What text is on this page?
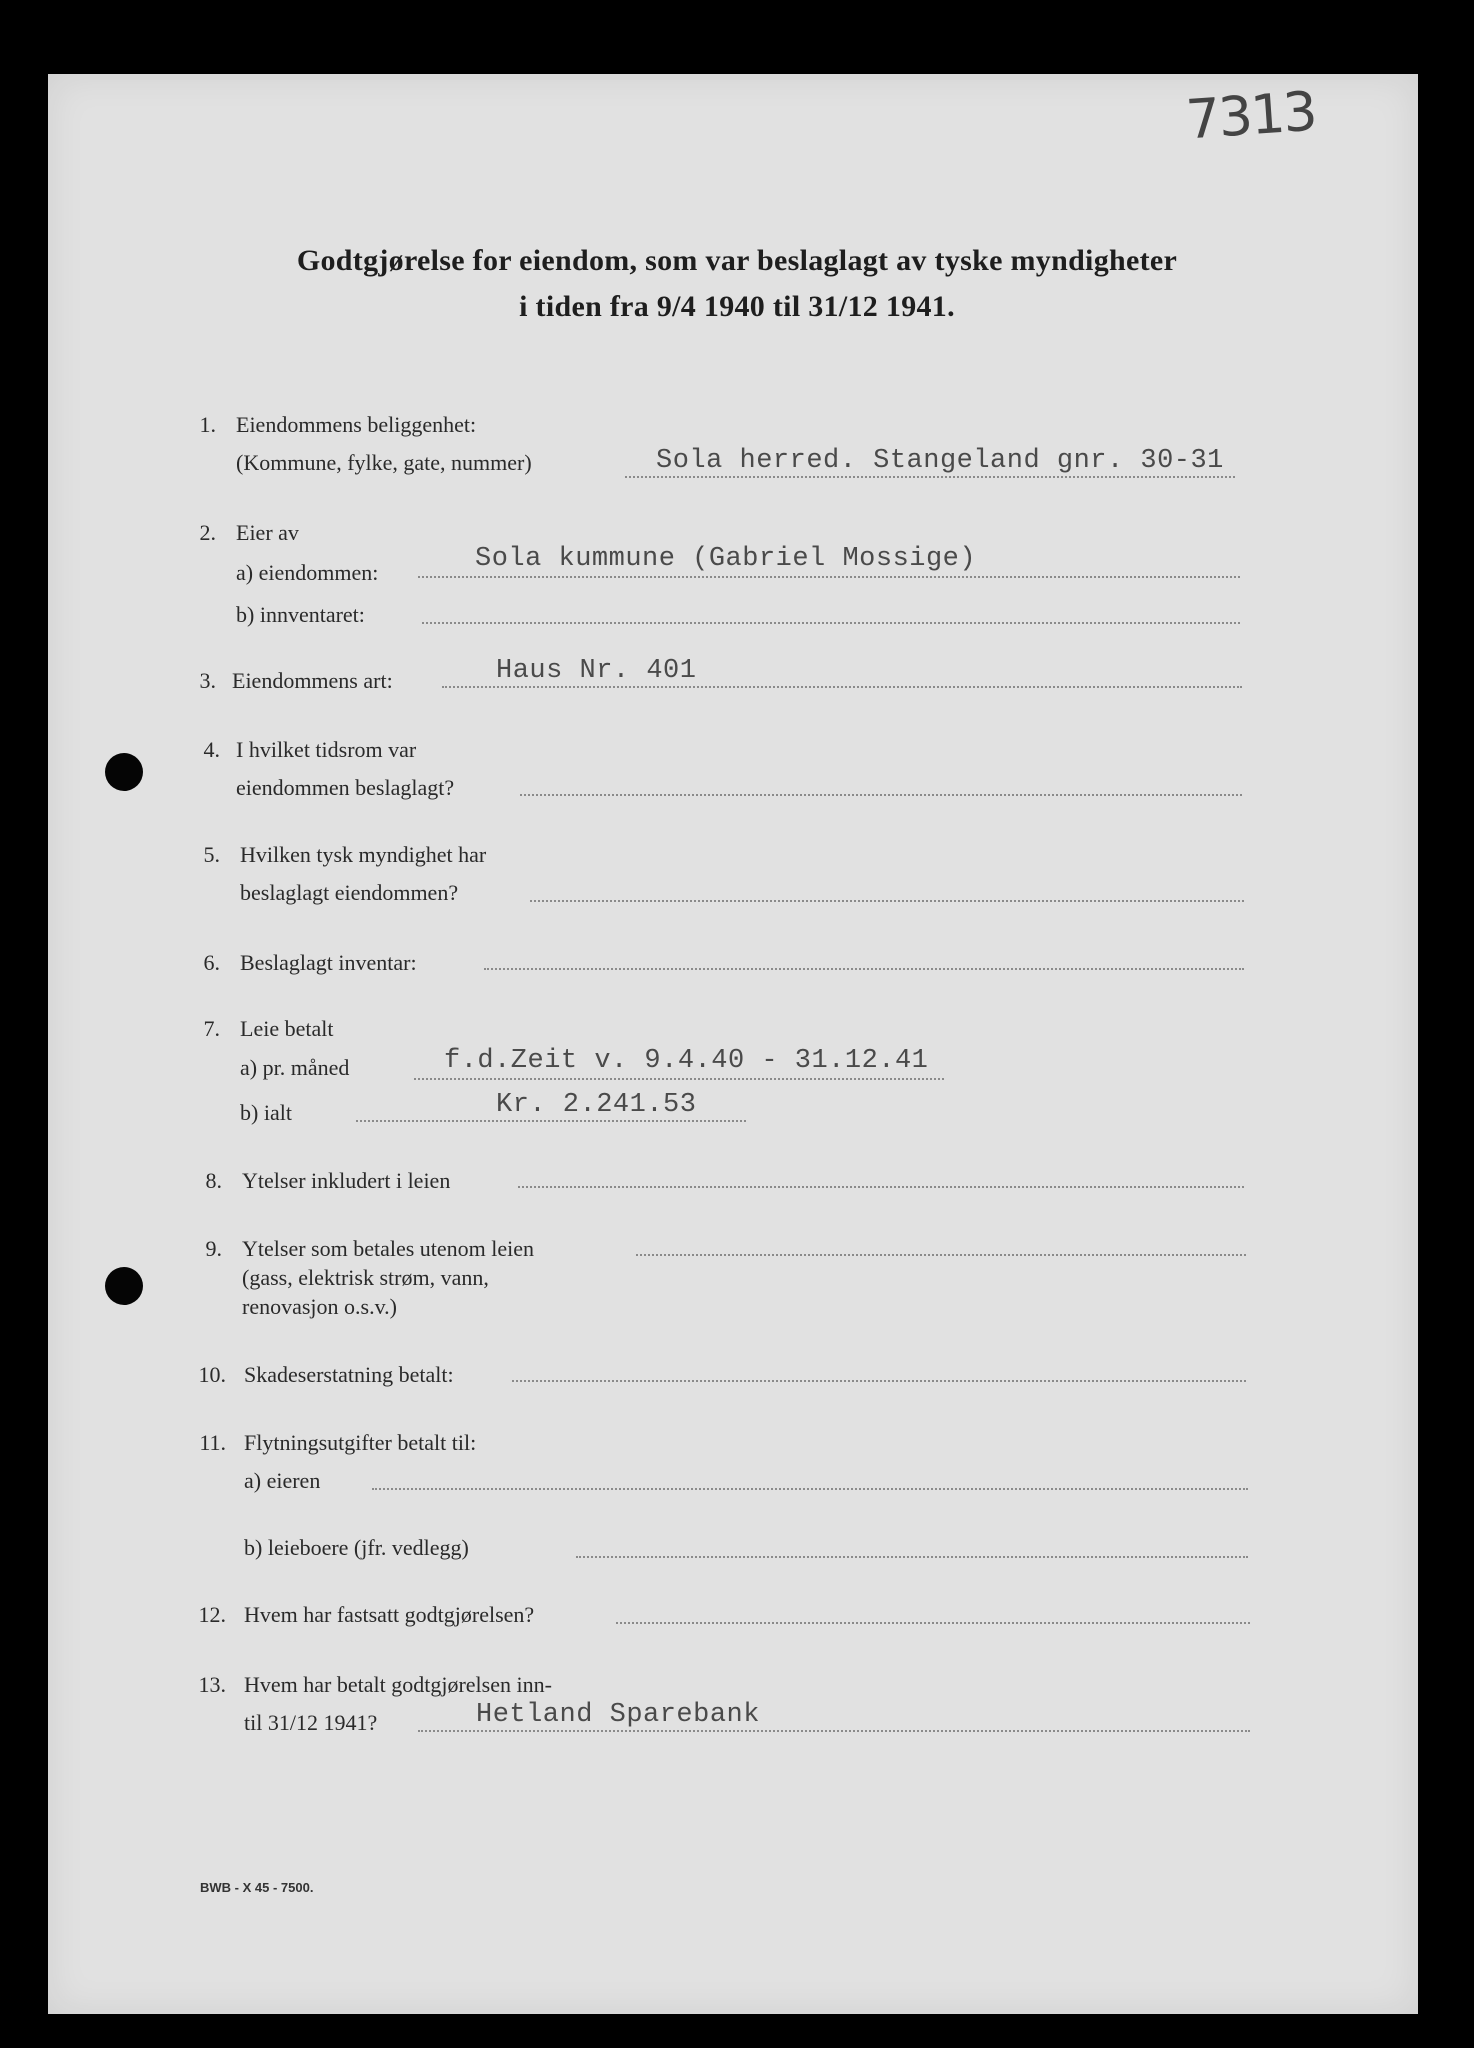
7313
Godtgjørelse for eiendom, som var beslaglagt av tyske myndigheter
i tiden fra 9/4 1940 til 31/12 1941.
1. Eiendommens beliggenhet:
(Kommune, fylke, gate, nummer)	Sola herred. Stangeland gnr. 30-31
2. Eier av
a) eiendommen:	Sola kummune (Gabriel Mossige)
b) innventaret:
3. Eiendommens art:	Haus Nr. 401
4. I hvilket tidsrom var
eiendommen beslaglagt?
5. Hvilken tysk myndighet har
beslaglagt eiendommen?
6. Beslaglagt inventar:
7. Leie betalt
a) pr. måned	f.d.Zeit v. 9.4.40 - 31.12.41
b) ialt	Kr. 2.241.53
8. Ytelser inkludert i leien
9. Ytelser som betales utenom leien
(gass, elektrisk strøm, vann,
renovasjon o.s.v.)
10. Skadeserstatning betalt:
11. Flytningsutgifter betalt til:
a) eieren
b) leieboere (jfr. vedlegg)
12. Hvem har fastsatt godtgjørelsen?
13. Hvem har betalt godtgjørelsen inn-
til 31/12 1941?	Hetland Sparebank
BWB - X 45 - 7500.
